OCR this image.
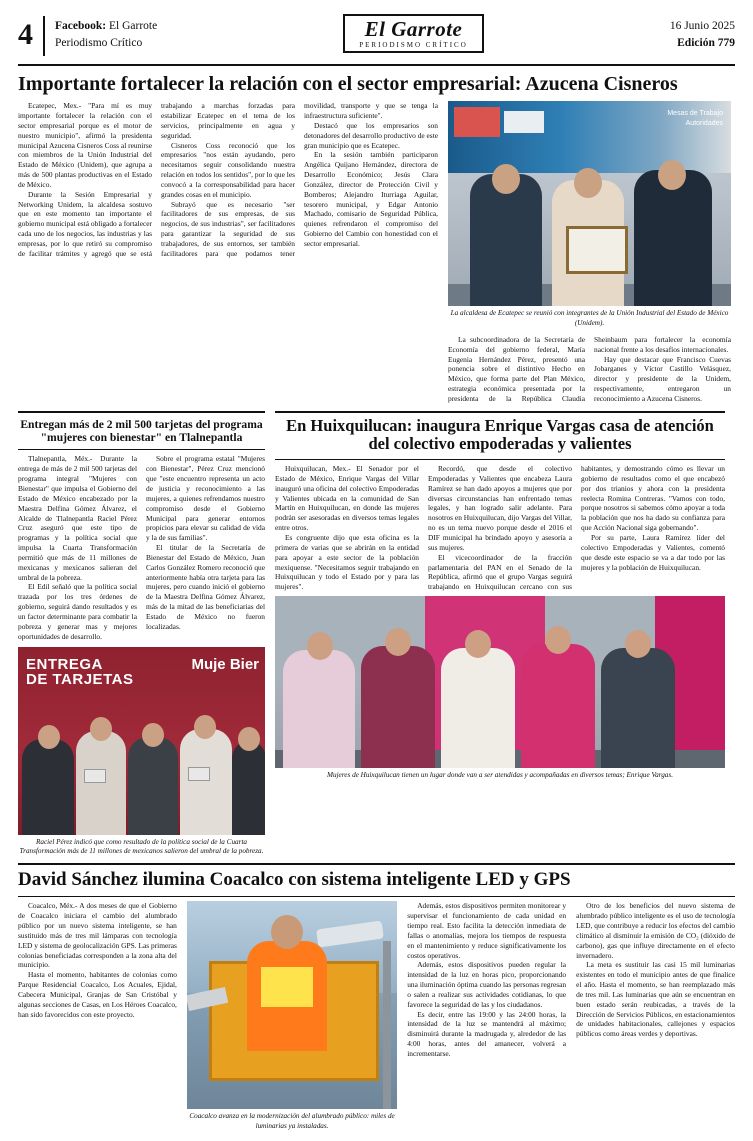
4 Facebook: El Garrote
Periodismo Crítico
El Garrote
PERIODISMO CRÍTICO
16 Junio 2025
Edición 779
Importante fortalecer la relación con el sector empresarial: Azucena Cisneros

Ecatepec, Mex.- "Para mí es muy importante fortalecer la relación con el sector empresarial porque es el motor de nuestro municipio", afirmó la presidenta municipal Azucena Cisneros Coss al reunirse con miembros de la Unión Industrial del Estado de México (Unidem), que agrupa a más de 500 plantas productivas en el Estado de México.

Durante la Sesión Empresarial y Networking Unidem, la alcaldesa sostuvo que en este momento tan importante el gobierno municipal está obligado a fortalecer cada uno de los negocios, las industrias y las empresas, por lo que retiró su compromiso de facilitar trámites y agregó que se está trabajando a marchas forzadas para estabilizar Ecatepec en el tema de los servicios, principalmente en agua y seguridad.

Cisneros Coss reconoció que los empresarios "nos están ayudando, pero necesitamos seguir consolidando nuestra relación en todos los sentidos", por lo que les convocó a la corresponsabilidad para hacer grandes cosas en el municipio.

Subrayó que es necesario "ser facilitadores de sus empresas, de sus negocios, de sus industrias", ser facilitadores para garantizar la seguridad de sus trabajadores, de sus entornos, ser también facilitadores para que podamos tener movilidad, transporte y que se tenga la infraestructura suficiente".

Destacó que los empresarios son detonadores del desarrollo productivo de este gran municipio que es Ecatepec.

En la sesión también participaron Angélica Quijano Hernández, directora de Desarrollo Económico; Jesús Clara González, director de Protección Civil y Bomberos; Alejandro Iturriaga Aguilar, tesorero municipal, y Edgar Antonio Machado, comisario de Seguridad Pública, quienes refrendaron el compromiso del Gobierno del Cambio con honestidad con el sector empresarial.

Mesas de Trabajo
Autoridades
La alcaldesa de Ecatepec se reunió con integrantes de la Unión Industrial del Estado de México (Unidem).

La subcoordinadora de la Secretaría de Economía del gobierno federal, María Eugenia Hernández Pérez, presentó una ponencia sobre el distintivo Hecho en México, que forma parte del Plan México, estrategia económica presentada por la presidenta de la República Claudia Sheinbaum para fortalecer la economía nacional frente a los desafíos internacionales.

Hay que destacar que Francisco Cuevas Jobarganes y Víctor Castillo Velásquez, director y presidente de la Unidem, respectivamente, entregaron un reconocimiento a Azucena Cisneros.

Entregan más de 2 mil 500 tarjetas del programa "mujeres con bienestar" en Tlalnepantla

Tlalnepantla, Méx.- Durante la entrega de más de 2 mil 500 tarjetas del programa integral "Mujeres con Bienestar" que impulsa el Gobierno del Estado de México encabezado por la Maestra Delfina Gómez Álvarez, el Alcalde de Tlalnepantla Raciel Pérez Cruz aseguró que este tipo de programas y la política social que impulsa la Cuarta Transformación permitió que más de 11 millones de mexicanas y mexicanos salieran del umbral de la pobreza.

El Edil señaló que la política social trazada por los tres órdenes de gobierno, seguirá dando resultados y es un factor determinante para combatir la pobreza y generar mas y mejores oportunidades de desarrollo.

Sobre el programa estatal "Mujeres con Bienestar", Pérez Cruz mencionó que "este encuentro representa un acto de justicia y reconocimiento a las mujeres, a quienes refrendamos nuestro compromiso desde el Gobierno Municipal para generar entornos propicios para elevar su calidad de vida y la de sus familias".

El titular de la Secretaría de Bienestar del Estado de México, Juan Carlos González Romero reconoció que anteriormente había otra tarjeta para las mujeres, pero cuando inició el gobierno de la Maestra Delfina Gómez Álvarez, más de la mitad de las beneficiarias del Estado de México no fueron localizadas.

ENTREGA
DE TARJETAS
Muje Bier
Raciel Pérez indicó que como resultado de la política social de la Cuarta Transformación más de 11 millones de mexicanos salieron del umbral de la pobreza.
En Huixquilucan: inaugura Enrique Vargas casa de atención del colectivo empoderadas y valientes

Huixquilucan, Mex.- El Senador por el Estado de México, Enrique Vargas del Villar inauguró una oficina del colectivo Empoderadas y Valientes ubicada en la comunidad de San Martín en Huixquilucan, en donde las mujeres podrán ser asesoradas en diversos temas legales entre otros.

Es congruente dijo que esta oficina es la primera de varias que se abrirán en la entidad para apoyar a este sector de la población mexiquense. "Necesitamos seguir trabajando en Huixquilucan y todo el Estado por y para las mujeres".

Recordó, que desde el colectivo Empoderadas y Valientes que encabeza Laura Ramírez se han dado apoyos a mujeres que por diversas circunstancias han enfrentado temas legales, y han logrado salir adelante. Para nosotros en Huixquilucan, dijo Vargas del Villar, no es un tema nuevo porque desde el 2016 el DIF municipal ha brindado apoyo y asesoría a sus mujeres.

El vicecoordinador de la fracción parlamentaria del PAN en el Senado de la República, afirmó que el grupo Vargas seguirá trabajando en Huixquilucan cercano con sus habitantes, y demostrando cómo es llevar un gobierno de resultados como el que encabezó por dos trianios y ahora con la presidenta reelecta Romina Contreras. "Vamos con todo, porque nosotros si sabemos cómo apoyar a toda la población que nos ha dado su confianza para que Acción Nacional siga gobernando".

Por su parte, Laura Ramírez líder del colectivo Empoderadas y Valientes, comentó que desde este espacio se va a dar todo por las mujeres y la población de Huixquilucan.

Mujeres de Huixquilucan tienen un lugar donde van a ser atendidas y acompañadas en diversos temas; Enrique Vargas.
David Sánchez ilumina Coacalco con sistema inteligente LED y GPS

Coacalco, Méx.- A dos meses de que el Gobierno de Coacalco iniciara el cambio del alumbrado público por un nuevo sistema inteligente, se han sustituido más de tres mil lámparas con tecnología LED y sistema de geolocalización GPS. Las primeras colonias beneficiadas corresponden a la zona alta del municipio.

Hasta el momento, habitantes de colonias como Parque Residencial Coacalco, Los Acuales, Ejidal, Cabecera Municipal, Granjas de San Cristóbal y algunas secciones de Casas, en Los Héroes Coacalco, han sido favorecidos con este proyecto.

Coacalco avanza en la modernización del alumbrado público: miles de luminarias ya instaladas.

Además, estos dispositivos permiten monitorear y supervisar el funcionamiento de cada unidad en tiempo real. Esto facilita la detección inmediata de fallas o anomalías, mejora los tiempos de respuesta en el mantenimiento y reduce significativamente los costos operativos.

Además, estos dispositivos pueden regular la intensidad de la luz en horas pico, proporcionando una iluminación óptima cuando las personas regresan o salen a realizar sus actividades cotidianas, lo que favorece la seguridad de las y los ciudadanos.

Es decir, entre las 19:00 y las 24:00 horas, la intensidad de la luz se mantendrá al máximo; disminuirá durante la madrugada y, alrededor de las 4:00 horas, antes del amanecer, volverá a incrementarse.

Otro de los beneficios del nuevo sistema de alumbrado público inteligente es el uso de tecnología LED, que contribuye a reducir los efectos del cambio climático al disminuir la emisión de CO₂ (dióxido de carbono), gas que influye directamente en el efecto invernadero.

La meta es sustituir las casi 15 mil luminarias existentes en todo el municipio antes de que finalice el año. Hasta el momento, se han reemplazado más de tres mil. Las luminarias que aún se encuentran en buen estado serán reubicadas, a través de la Dirección de Servicios Públicos, en estacionamientos de unidades habitacionales, callejones y espacios públicos como áreas verdes y deportivas.
